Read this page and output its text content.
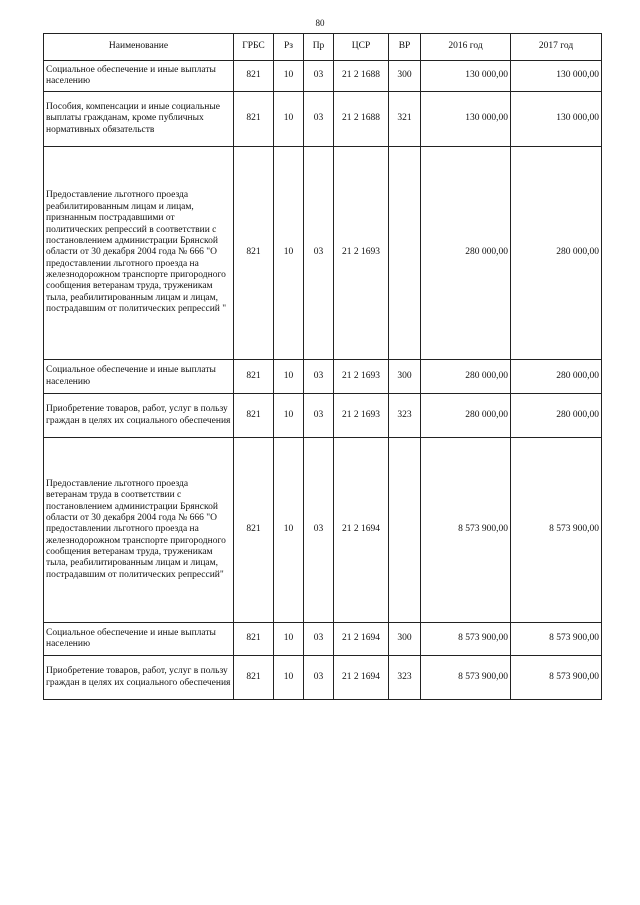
80
Наименование	ГРБС	Рз	Пр	ЦСР	ВР	2016 год	2017 год
Социальное обеспечение и иные выплаты населению	821	10	03	21 2 1688	300	130 000,00	130 000,00
Пособия, компенсации и иные социальные выплаты гражданам, кроме публичных нормативных обязательств	821	10	03	21 2 1688	321	130 000,00	130 000,00
Предоставление льготного проезда реабилитированным лицам и лицам, признанным пострадавшими от политических репрессий в соответствии с постановлением администрации Брянской области от 30 декабря 2004 года № 666 "О предоставлении льготного проезда на железнодорожном транспорте пригородного сообщения ветеранам труда, труженикам тыла, реабилитированным лицам и лицам, пострадавшим от политических репрессий "	821	10	03	21 2 1693		280 000,00	280 000,00
Социальное обеспечение и иные выплаты населению	821	10	03	21 2 1693	300	280 000,00	280 000,00
Приобретение товаров, работ, услуг в пользу граждан в целях их социального обеспечения	821	10	03	21 2 1693	323	280 000,00	280 000,00
Предоставление льготного проезда ветеранам труда в соответствии с постановлением администрации Брянской области от 30 декабря 2004 года № 666 "О предоставлении льготного проезда на железнодорожном транспорте пригородного сообщения ветеранам труда, труженикам тыла, реабилитированным лицам и лицам, пострадавшим от политических репрессий"	821	10	03	21 2 1694		8 573 900,00	8 573 900,00
Социальное обеспечение и иные выплаты населению	821	10	03	21 2 1694	300	8 573 900,00	8 573 900,00
Приобретение товаров, работ, услуг в пользу граждан в целях их социального обеспечения	821	10	03	21 2 1694	323	8 573 900,00	8 573 900,00
